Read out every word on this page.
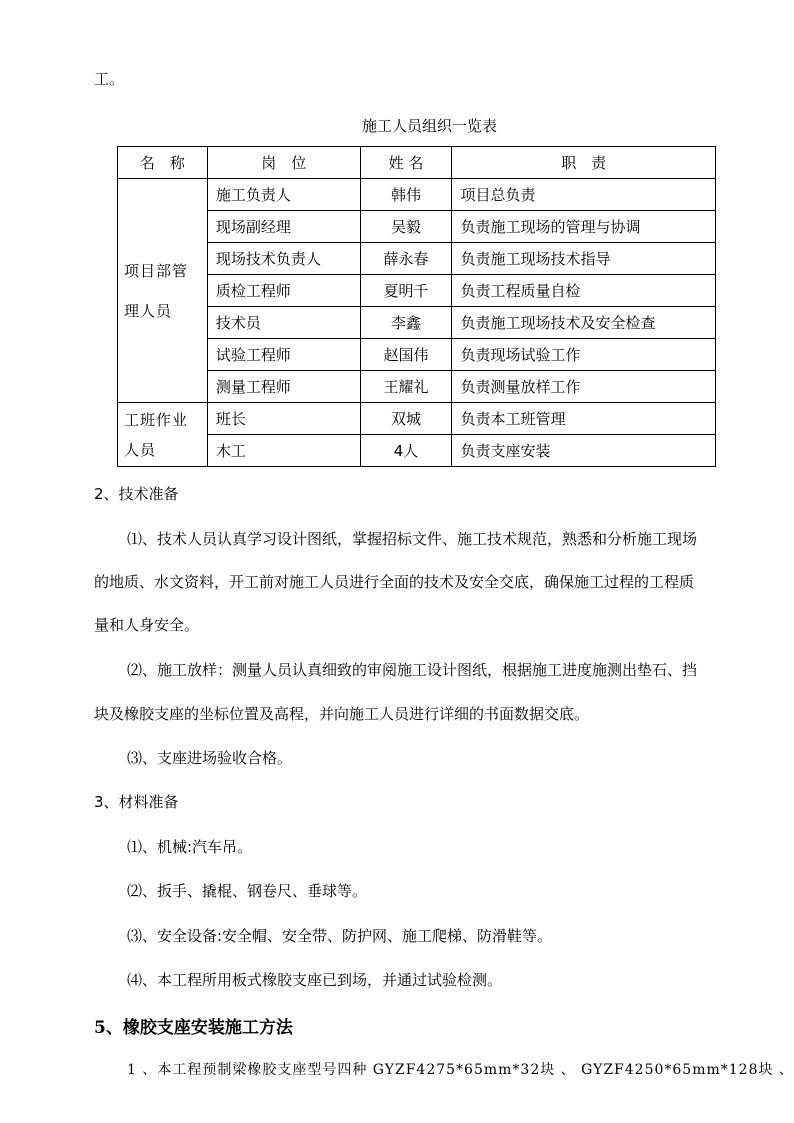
工。
施工人员组织一览表
名　称	岗　位	姓 名	职　责
项目部管
理人员	施工负责人	韩伟	项目总负责
	现场副经理	吴毅	负责施工现场的管理与协调
	现场技术负责人	薛永春	负责施工现场技术指导
	质检工程师	夏明千	负责工程质量自检
	技术员	李鑫	负责施工现场技术及安全检查
	试验工程师	赵国伟	负责现场试验工作
	测量工程师	王耀礼	负责测量放样工作
工班作业
人员	班长	双城	负责本工班管理
	木工	4人	负责支座安装
2、技术准备
⑴、技术人员认真学习设计图纸，掌握招标文件、施工技术规范，熟悉和分析施工现场
的地质、水文资料，开工前对施工人员进行全面的技术及安全交底，确保施工过程的工程质
量和人身安全。
⑵、施工放样：测量人员认真细致的审阅施工设计图纸，根据施工进度施测出垫石、挡
块及橡胶支座的坐标位置及高程，并向施工人员进行详细的书面数据交底。
⑶、支座进场验收合格。
3、材料准备
⑴、机械:汽车吊。
⑵、扳手、撬棍、钢卷尺、垂球等。
⑶、安全设备:安全帽、安全带、防护网、施工爬梯、防滑鞋等。
⑷、本工程所用板式橡胶支座已到场，并通过试验检测。
5、橡胶支座安装施工方法
1 、本工程预制梁橡胶支座型号四种 GYZF4275*65mm*32块 、 GYZF4250*65mm*128块 、
